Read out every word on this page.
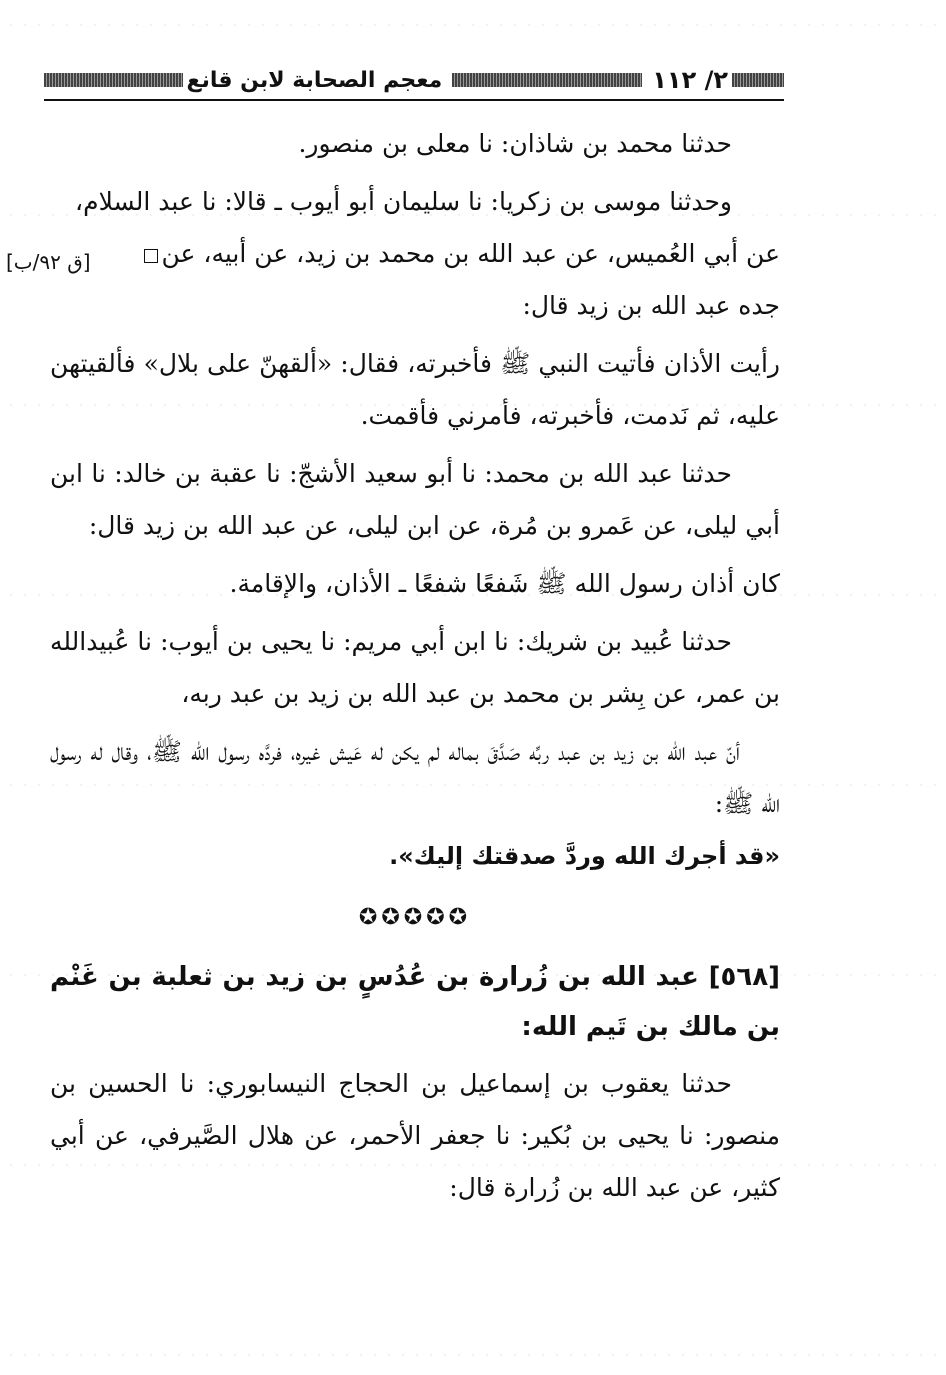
٢/ ١١٢
معجم الصحابة لابن قانع
[ق ٩٢/ب]

حدثنا محمد بن شاذان: نا معلى بن منصور.

وحدثنا موسى بن زكريا: نا سليمان أبو أيوب ـ قالا: نا عبد السلام،

عن أبي العُميس، عن عبد الله بن محمد بن زيد، عن أبيه، عن

جده عبد الله بن زيد قال:

رأيت الأذان فأتيت النبي ﷺ فأخبرته، فقال: «ألقهنّ على بلال» فألقيتهن عليه، ثم نَدمت، فأخبرته، فأمرني فأقمت.

حدثنا عبد الله بن محمد: نا أبو سعيد الأشجّ: نا عقبة بن خالد: نا ابن أبي ليلى، عن عَمرو بن مُرة، عن ابن ليلى، عن عبد الله بن زيد قال:

كان أذان رسول الله ﷺ شَفعًا شفعًا ـ الأذان، والإقامة.

حدثنا عُبيد بن شريك: نا ابن أبي مريم: نا يحيى بن أيوب: نا عُبيدالله بن عمر، عن بِشر بن محمد بن عبد الله بن زيد بن عبد ربه،

أنّ عبد الله بن زيد بن عبد ربِّه صَدَّقَ بماله لم يكن له عَيش غيره، فردَّه رسول الله ﷺ، وقال له رسول الله ﷺ:

«قد أجرك الله وردَّ صدقتك إليك».

✪✪✪✪✪

[٥٦٨] عبد الله بن زُرارة بن عُدُسٍ بن زيد بن ثعلبة بن غَنْم بن مالك بن تَيم الله:

حدثنا يعقوب بن إسماعيل بن الحجاج النيسابوري: نا الحسين بن منصور: نا يحيى بن بُكير: نا جعفر الأحمر، عن هلال الصَّيرفي، عن أبي كثير، عن عبد الله بن زُرارة قال:
